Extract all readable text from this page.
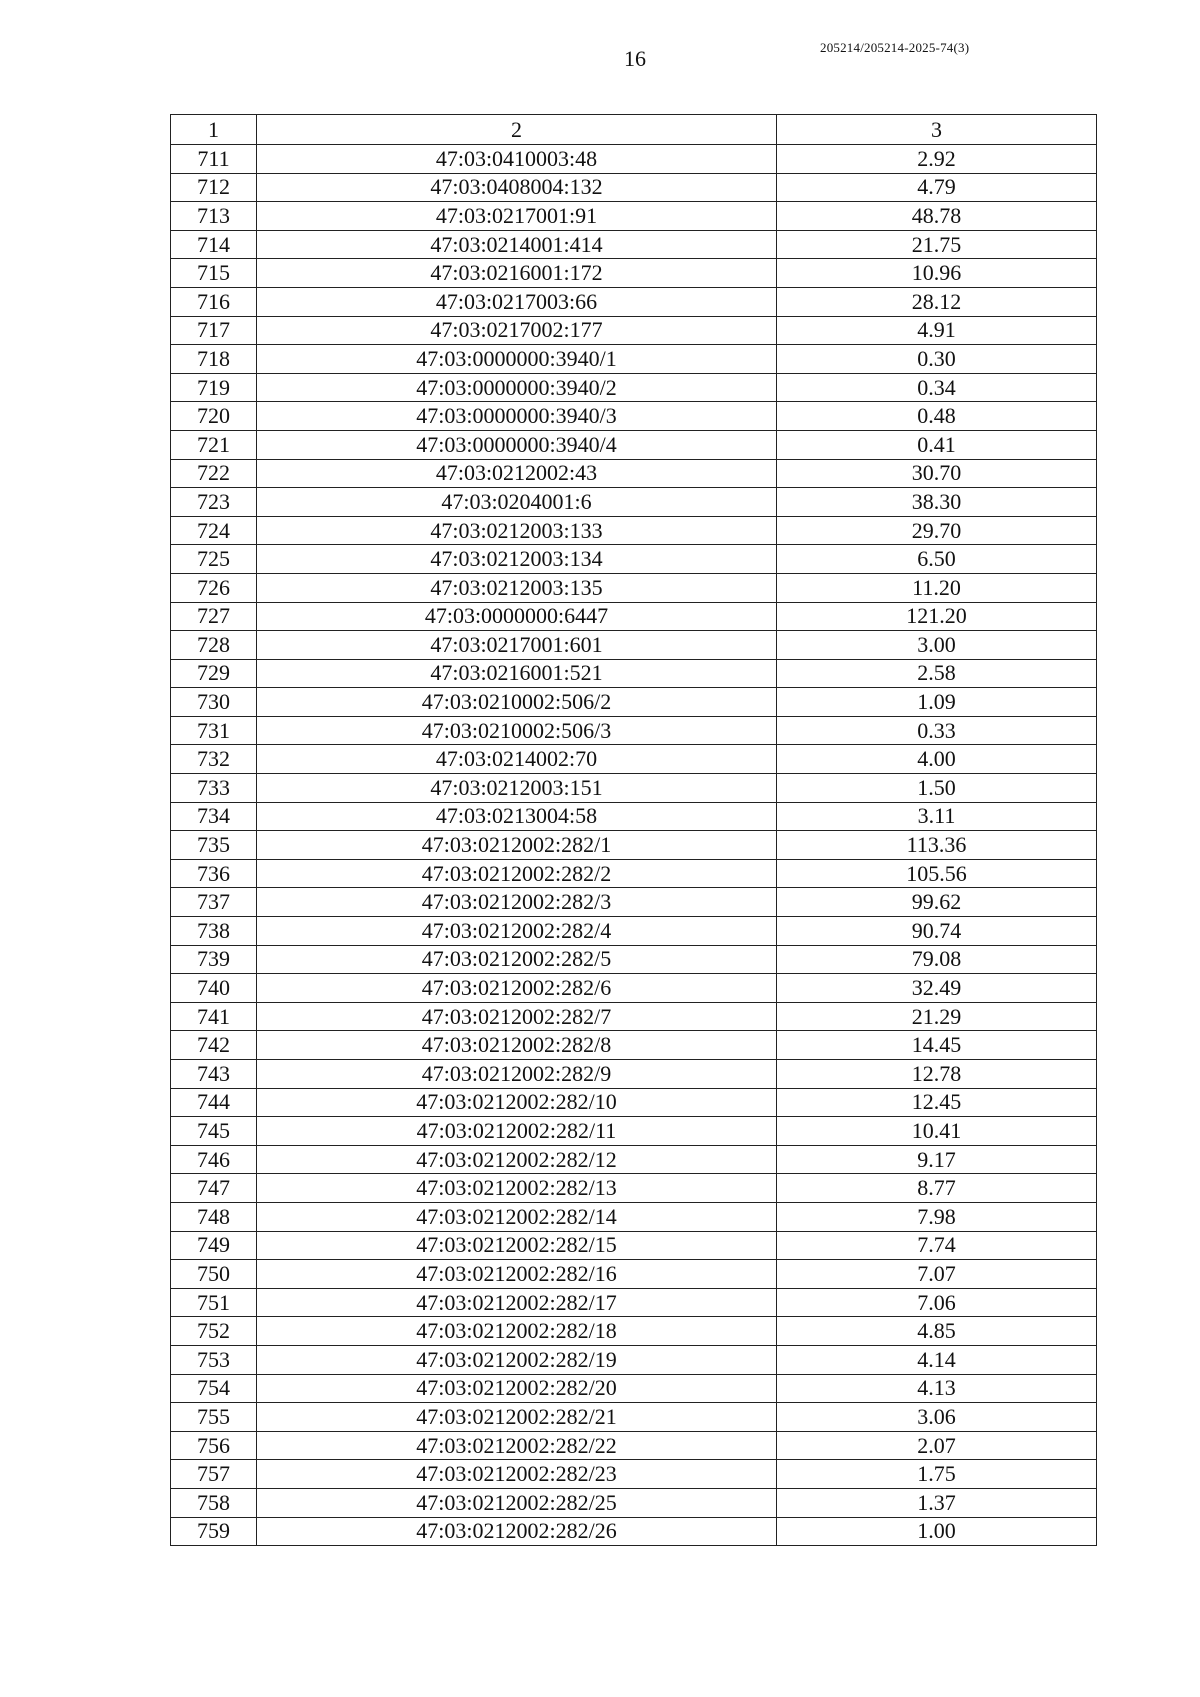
16	205214/205214-2025-74(3)
1	2	3
711	47:03:0410003:48	2.92
712	47:03:0408004:132	4.79
713	47:03:0217001:91	48.78
714	47:03:0214001:414	21.75
715	47:03:0216001:172	10.96
716	47:03:0217003:66	28.12
717	47:03:0217002:177	4.91
718	47:03:0000000:3940/1	0.30
719	47:03:0000000:3940/2	0.34
720	47:03:0000000:3940/3	0.48
721	47:03:0000000:3940/4	0.41
722	47:03:0212002:43	30.70
723	47:03:0204001:6	38.30
724	47:03:0212003:133	29.70
725	47:03:0212003:134	6.50
726	47:03:0212003:135	11.20
727	47:03:0000000:6447	121.20
728	47:03:0217001:601	3.00
729	47:03:0216001:521	2.58
730	47:03:0210002:506/2	1.09
731	47:03:0210002:506/3	0.33
732	47:03:0214002:70	4.00
733	47:03:0212003:151	1.50
734	47:03:0213004:58	3.11
735	47:03:0212002:282/1	113.36
736	47:03:0212002:282/2	105.56
737	47:03:0212002:282/3	99.62
738	47:03:0212002:282/4	90.74
739	47:03:0212002:282/5	79.08
740	47:03:0212002:282/6	32.49
741	47:03:0212002:282/7	21.29
742	47:03:0212002:282/8	14.45
743	47:03:0212002:282/9	12.78
744	47:03:0212002:282/10	12.45
745	47:03:0212002:282/11	10.41
746	47:03:0212002:282/12	9.17
747	47:03:0212002:282/13	8.77
748	47:03:0212002:282/14	7.98
749	47:03:0212002:282/15	7.74
750	47:03:0212002:282/16	7.07
751	47:03:0212002:282/17	7.06
752	47:03:0212002:282/18	4.85
753	47:03:0212002:282/19	4.14
754	47:03:0212002:282/20	4.13
755	47:03:0212002:282/21	3.06
756	47:03:0212002:282/22	2.07
757	47:03:0212002:282/23	1.75
758	47:03:0212002:282/25	1.37
759	47:03:0212002:282/26	1.00
